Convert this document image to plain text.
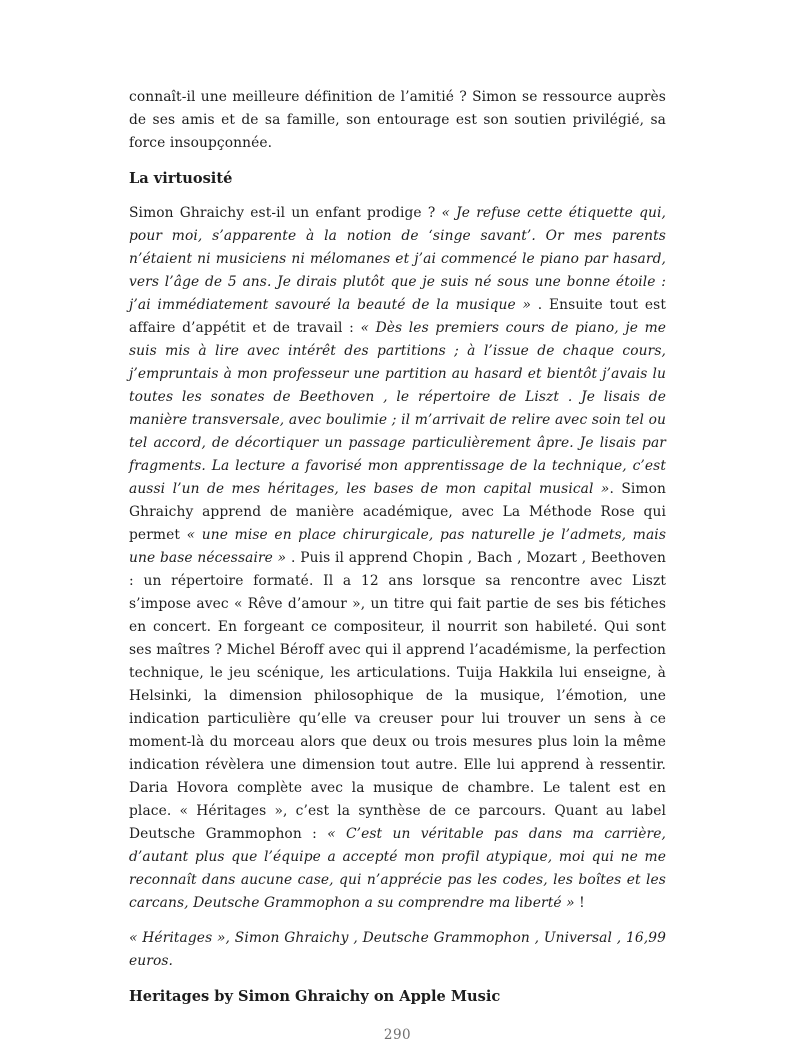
connaît-il une meilleure définition de l’amitié ? Simon se ressource auprès de ses amis et de sa famille, son entourage est son soutien privilégié, sa force insoupçonnée.

La virtuosité

Simon Ghraichy est-il un enfant prodige ? « Je refuse cette étiquette qui, pour moi, s’apparente à la notion de ‘singe savant’. Or mes parents n’étaient ni musiciens ni mélomanes et j’ai commencé le piano par hasard, vers l’âge de 5 ans. Je dirais plutôt que je suis né sous une bonne étoile : j’ai immédiatement savouré la beauté de la musique » . Ensuite tout est affaire d’appétit et de travail : « Dès les premiers cours de piano, je me suis mis à lire avec intérêt des partitions ; à l’issue de chaque cours, j’empruntais à mon professeur une partition au hasard et bientôt j’avais lu toutes les sonates de Beethoven , le répertoire de Liszt . Je lisais de manière transversale, avec boulimie ; il m’arrivait de relire avec soin tel ou tel accord, de décortiquer un passage particulièrement âpre. Je lisais par fragments. La lecture a favorisé mon apprentissage de la technique, c’est aussi l’un de mes héritages, les bases de mon capital musical ». Simon Ghraichy apprend de manière académique, avec La Méthode Rose qui permet « une mise en place chirurgicale, pas naturelle je l’admets, mais une base nécessaire » . Puis il apprend Chopin , Bach , Mozart , Beethoven : un répertoire formaté. Il a 12 ans lorsque sa rencontre avec Liszt s’impose avec « Rêve d’amour », un titre qui fait partie de ses bis fétiches en concert. En forgeant ce compositeur, il nourrit son habileté. Qui sont ses maîtres ? Michel Béroff avec qui il apprend l’académisme, la perfection technique, le jeu scénique, les articulations. Tuija Hakkila lui enseigne, à Helsinki, la dimension philosophique de la musique, l’émotion, une indication particulière qu’elle va creuser pour lui trouver un sens à ce moment-là du morceau alors que deux ou trois mesures plus loin la même indication révèlera une dimension tout autre. Elle lui apprend à ressentir. Daria Hovora complète avec la musique de chambre. Le talent est en place. « Héritages », c’est la synthèse de ce parcours. Quant au label Deutsche Grammophon : « C’est un véritable pas dans ma carrière, d’autant plus que l’équipe a accepté mon profil atypique, moi qui ne me reconnaît dans aucune case, qui n’apprécie pas les codes, les boîtes et les carcans, Deutsche Grammophon a su comprendre ma liberté » !

« Héritages », Simon Ghraichy , Deutsche Grammophon , Universal , 16,99 euros.

Heritages by Simon Ghraichy on Apple Music
290
